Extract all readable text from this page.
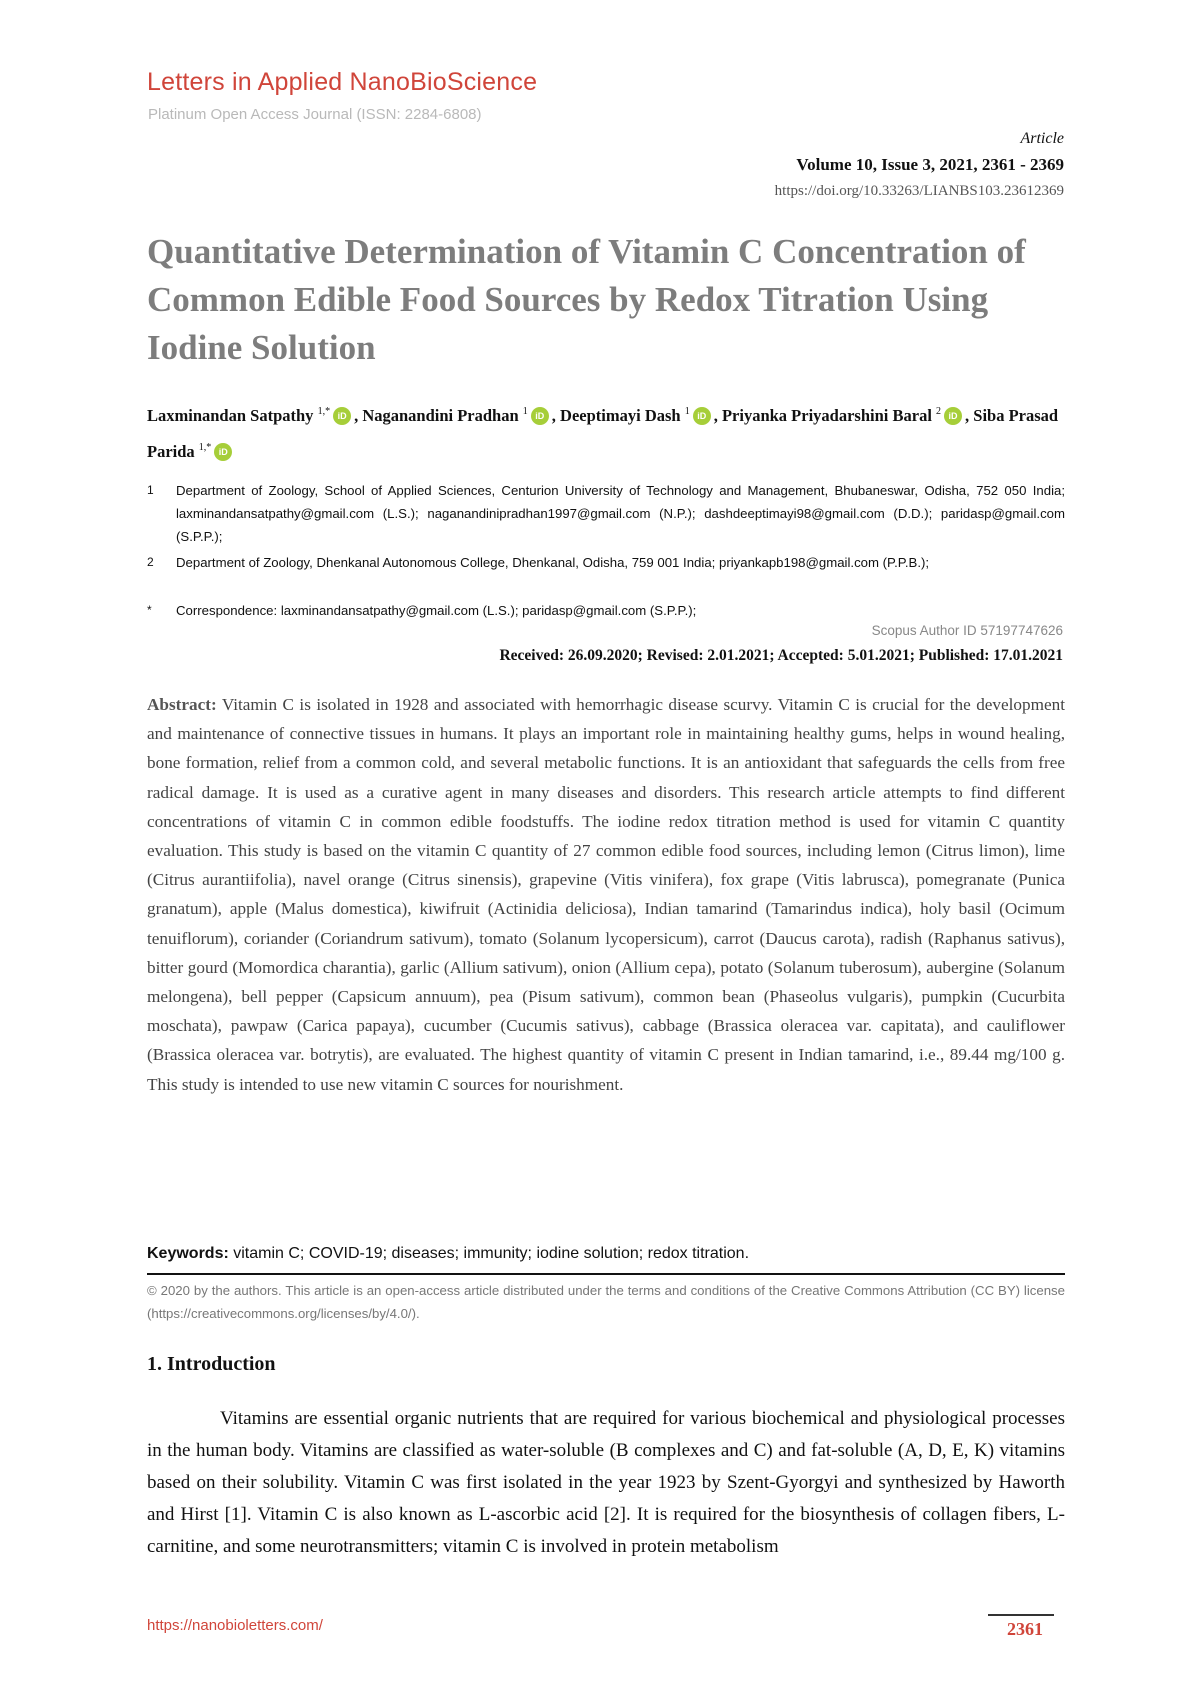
Letters in Applied NanoBioScience
Platinum Open Access Journal (ISSN: 2284-6808)
Article
Volume 10, Issue 3, 2021, 2361 - 2369
https://doi.org/10.33263/LIANBS103.23612369
Quantitative Determination of Vitamin C Concentration of Common Edible Food Sources by Redox Titration Using Iodine Solution
Laxminandan Satpathy $^{1,*}$ iD , Naganandini Pradhan $^1$ iD , Deeptimayi Dash $^1$ iD , Priyanka Priyadarshini Baral $^2$ iD , Siba Prasad Parida $^{1,*}$ iD
1 Department of Zoology, School of Applied Sciences, Centurion University of Technology and Management, Bhubaneswar, Odisha, 752 050 India; laxminandansatpathy@gmail.com (L.S.); naganandinipradhan1997@gmail.com (N.P.); dashdeeptimayi98@gmail.com (D.D.); paridasp@gmail.com (S.P.P.);
2 Department of Zoology, Dhenkanal Autonomous College, Dhenkanal, Odisha, 759 001 India; priyankapb198@gmail.com (P.P.B.);
* Correspondence: laxminandansatpathy@gmail.com (L.S.); paridasp@gmail.com (S.P.P.);
Scopus Author ID 57197747626
Received: 26.09.2020; Revised: 2.01.2021; Accepted: 5.01.2021; Published: 17.01.2021
Abstract: Vitamin C is isolated in 1928 and associated with hemorrhagic disease scurvy. Vitamin C is crucial for the development and maintenance of connective tissues in humans. It plays an important role in maintaining healthy gums, helps in wound healing, bone formation, relief from a common cold, and several metabolic functions. It is an antioxidant that safeguards the cells from free radical damage. It is used as a curative agent in many diseases and disorders. This research article attempts to find different concentrations of vitamin C in common edible foodstuffs. The iodine redox titration method is used for vitamin C quantity evaluation. This study is based on the vitamin C quantity of 27 common edible food sources, including lemon (Citrus limon), lime (Citrus aurantiifolia), navel orange (Citrus sinensis), grapevine (Vitis vinifera), fox grape (Vitis labrusca), pomegranate (Punica granatum), apple (Malus domestica), kiwifruit (Actinidia deliciosa), Indian tamarind (Tamarindus indica), holy basil (Ocimum tenuiflorum), coriander (Coriandrum sativum), tomato (Solanum lycopersicum), carrot (Daucus carota), radish (Raphanus sativus), bitter gourd (Momordica charantia), garlic (Allium sativum), onion (Allium cepa), potato (Solanum tuberosum), aubergine (Solanum melongena), bell pepper (Capsicum annuum), pea (Pisum sativum), common bean (Phaseolus vulgaris), pumpkin (Cucurbita moschata), pawpaw (Carica papaya), cucumber (Cucumis sativus), cabbage (Brassica oleracea var. capitata), and cauliflower (Brassica oleracea var. botrytis), are evaluated. The highest quantity of vitamin C present in Indian tamarind, i.e., 89.44 mg/100 g. This study is intended to use new vitamin C sources for nourishment.
Keywords: vitamin C; COVID-19; diseases; immunity; iodine solution; redox titration.
© 2020 by the authors. This article is an open-access article distributed under the terms and conditions of the Creative Commons Attribution (CC BY) license (https://creativecommons.org/licenses/by/4.0/).
1. Introduction
Vitamins are essential organic nutrients that are required for various biochemical and physiological processes in the human body. Vitamins are classified as water-soluble (B complexes and C) and fat-soluble (A, D, E, K) vitamins based on their solubility. Vitamin C was first isolated in the year 1923 by Szent-Gyorgyi and synthesized by Haworth and Hirst [1]. Vitamin C is also known as L-ascorbic acid [2]. It is required for the biosynthesis of collagen fibers, L-carnitine, and some neurotransmitters; vitamin C is involved in protein metabolism
https://nanobioletters.com/	2361
